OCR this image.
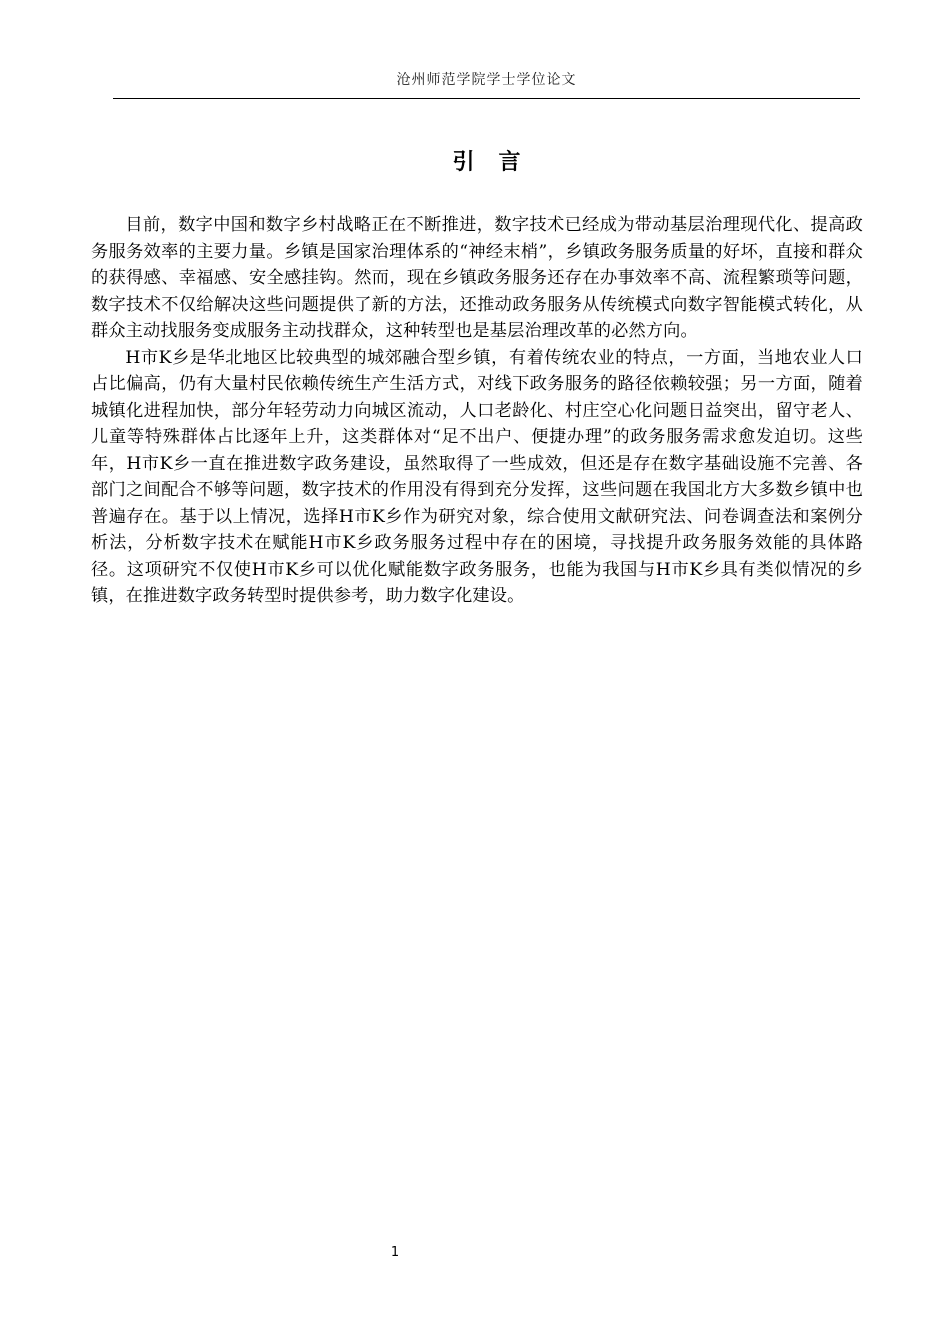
沧州师范学院学士学位论文
引言

目前，数字中国和数字乡村战略正在不断推进，数字技术已经成为带动基层治理现代化、提高政务服务效率的主要力量。乡镇是国家治理体系的“神经末梢”，乡镇政务服务质量的好坏，直接和群众的获得感、幸福感、安全感挂钩。然而，现在乡镇政务服务还存在办事效率不高、流程繁琐等问题，数字技术不仅给解决这些问题提供了新的方法，还推动政务服务从传统模式向数字智能模式转化，从群众主动找服务变成服务主动找群众，这种转型也是基层治理改革的必然方向。

H市K乡是华北地区比较典型的城郊融合型乡镇，有着传统农业的特点，一方面，当地农业人口占比偏高，仍有大量村民依赖传统生产生活方式，对线下政务服务的路径依赖较强；另一方面，随着城镇化进程加快，部分年轻劳动力向城区流动，人口老龄化、村庄空心化问题日益突出，留守老人、儿童等特殊群体占比逐年上升，这类群体对“足不出户、便捷办理”的政务服务需求愈发迫切。这些年，H市K乡一直在推进数字政务建设，虽然取得了一些成效，但还是存在数字基础设施不完善、各部门之间配合不够等问题，数字技术的作用没有得到充分发挥，这些问题在我国北方大多数乡镇中也普遍存在。基于以上情况，选择H市K乡作为研究对象，综合使用文献研究法、问卷调查法和案例分析法，分析数字技术在赋能H市K乡政务服务过程中存在的困境，寻找提升政务服务效能的具体路径。这项研究不仅使H市K乡可以优化赋能数字政务服务，也能为我国与H市K乡具有类似情况的乡镇，在推进数字政务转型时提供参考，助力数字化建设。

1
